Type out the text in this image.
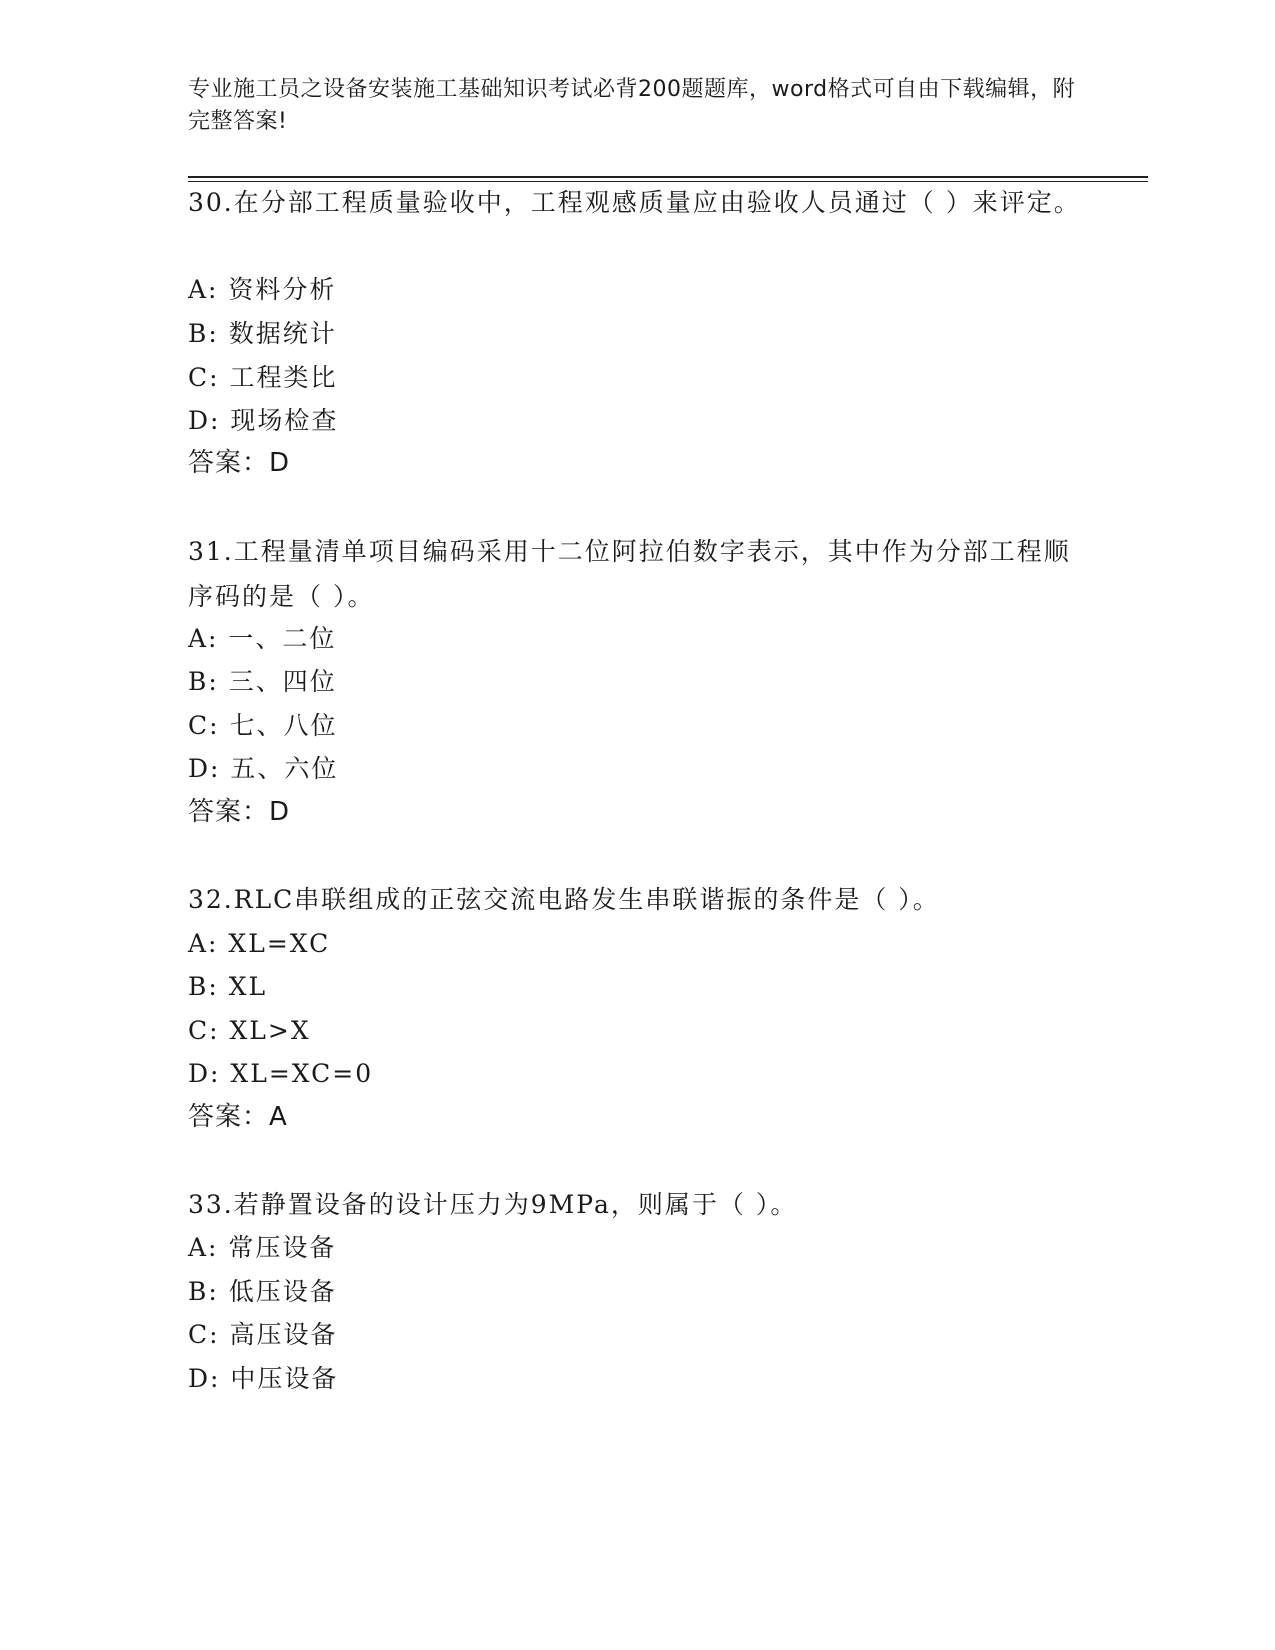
专业施工员之设备安装施工基础知识考试必背200题题库，word格式可自由下载编辑，附完整答案!
30.在分部工程质量验收中，工程观感质量应由验收人员通过（ ）来评定。
A: 资料分析
B: 数据统计
C: 工程类比
D: 现场检查
答案：D
31.工程量清单项目编码采用十二位阿拉伯数字表示，其中作为分部工程顺序码的是（ ）。
A: 一、二位
B: 三、四位
C: 七、八位
D: 五、六位
答案：D
32.RLC串联组成的正弦交流电路发生串联谐振的条件是（ ）。
A: XL=XC
B: XL
C: XL>X
D: XL=XC=0
答案：A
33.若静置设备的设计压力为9MPa，则属于（ ）。
A: 常压设备
B: 低压设备
C: 高压设备
D: 中压设备
